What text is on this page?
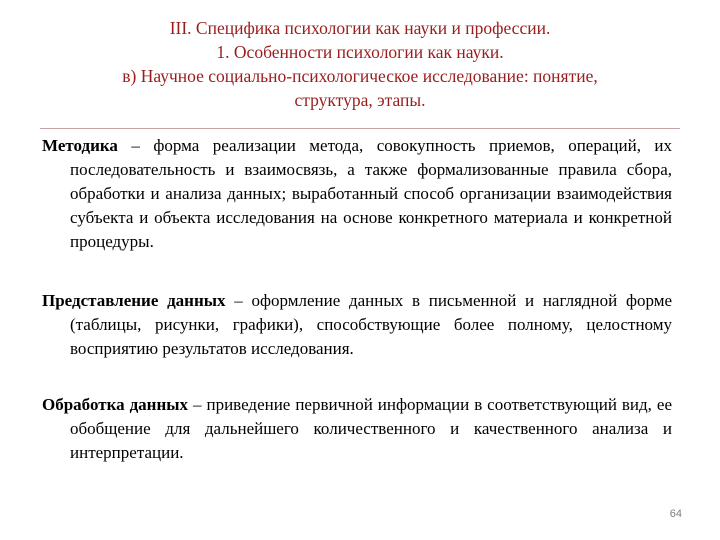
III. Специфика психологии как науки и профессии.
1. Особенности психологии как науки.
в) Научное социально-психологическое исследование: понятие,
структура, этапы.

Методика – форма реализации метода, совокупность приемов, операций, их последовательность и взаимосвязь, а также формализованные правила сбора, обработки и анализа данных; выработанный способ организации взаимодействия субъекта и объекта исследования на основе конкретного материала и конкретной процедуры.

Представление данных – оформление данных в письменной и наглядной форме (таблицы, рисунки, графики), способствующие более полному, целостному восприятию результатов исследования.

Обработка данных – приведение первичной информации в соответствующий вид, ее обобщение для дальнейшего количественного и качественного анализа и интерпретации.

64
